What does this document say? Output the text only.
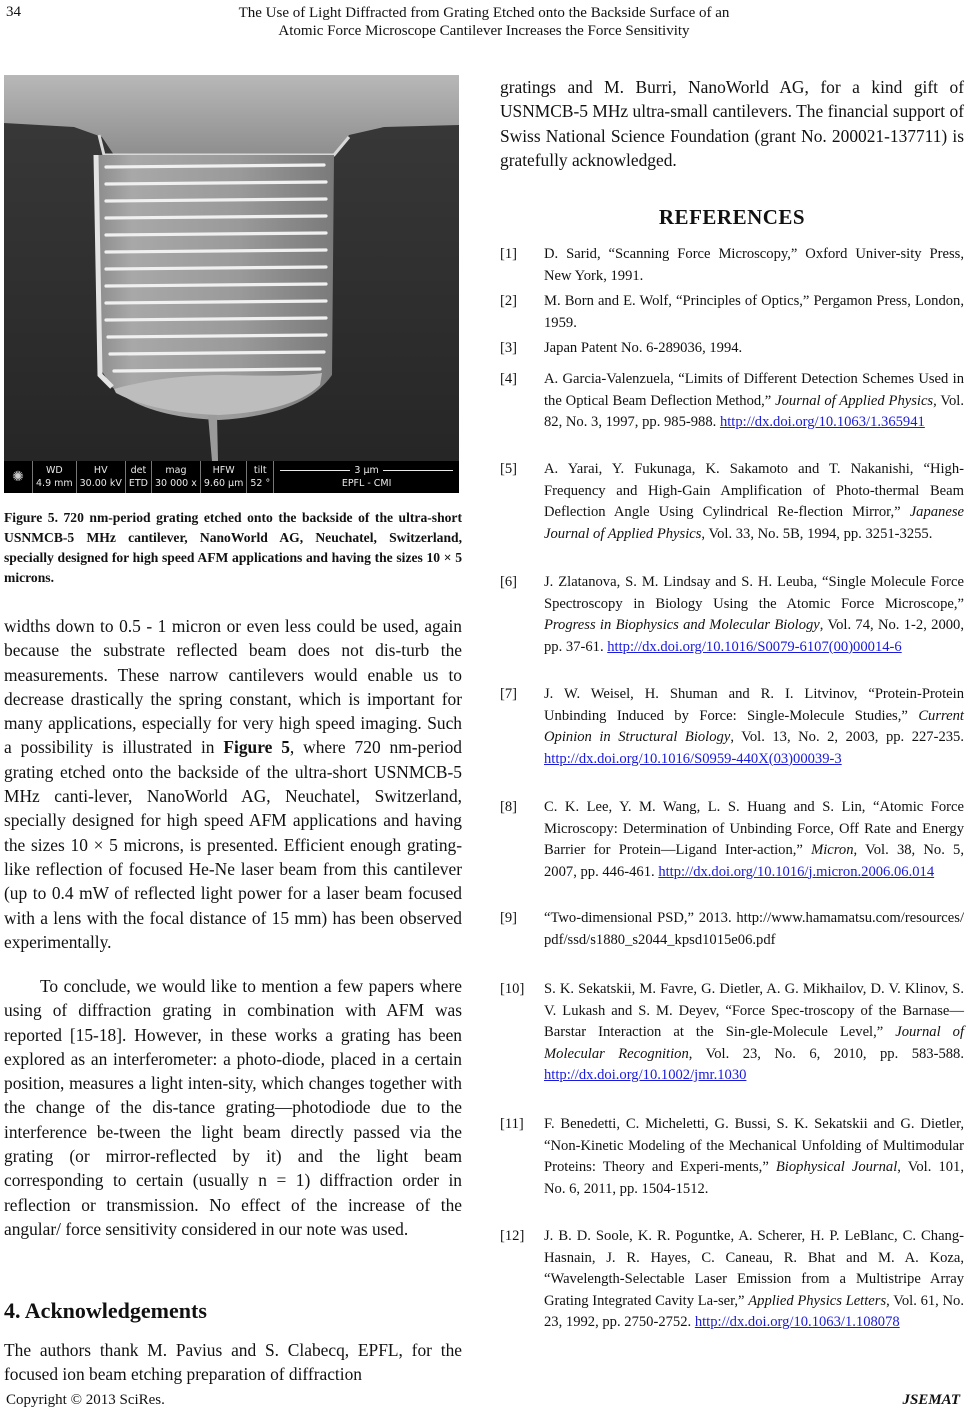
34	The Use of Light Diffracted from Grating Etched onto the Backside Surface of an
Atomic Force Microscope Cantilever Increases the Force Sensitivity
✺	WD
4.9 mm
HV
30.00 kV
det
ETD
mag
30 000 x
HFW
9.60 µm
tilt
52 °
3 µm
EPFL - CMI
Figure 5. 720 nm-period grating etched onto the backside of the ultra-short USNMCB-5 MHz cantilever, NanoWorld AG, Neuchatel, Switzerland, specially designed for high speed AFM applications and having the sizes 10 × 5 microns.
widths down to 0.5 - 1 micron or even less could be used, again because the substrate reflected beam does not dis-turb the measurements. These narrow cantilevers would enable us to decrease drastically the spring constant, which is important for many applications, especially for very high speed imaging. Such a possibility is illustrated in Figure 5, where 720 nm-period grating etched onto the backside of the ultra-short USNMCB-5 MHz canti-lever, NanoWorld AG, Neuchatel, Switzerland, specially designed for high speed AFM applications and having the sizes 10 × 5 microns, is presented. Efficient enough grating-like reflection of focused He-Ne laser beam from this cantilever (up to 0.4 mW of reflected light power for a laser beam focused with a lens with the focal distance of 15 mm) has been observed experimentally.
To conclude, we would like to mention a few papers where using of diffraction grating in combination with AFM was reported [15-18]. However, in these works a grating has been explored as an interferometer: a photo-diode, placed in a certain position, measures a light inten-sity, which changes together with the change of the dis-tance grating—photodiode due to the interference be-tween the light beam directly passed via the grating (or mirror-reflected by it) and the light beam corresponding to certain (usually n = 1) diffraction order in reflection or transmission. No effect of the increase of the angular/ force sensitivity considered in our note was used.
4. Acknowledgements
The authors thank M. Pavius and S. Clabecq, EPFL, for the focused ion beam etching preparation of diffraction
gratings and M. Burri, NanoWorld AG, for a kind gift of USNMCB-5 MHz ultra-small cantilevers. The financial support of Swiss National Science Foundation (grant No. 200021-137711) is gratefully acknowledged.
REFERENCES
[1] D. Sarid, “Scanning Force Microscopy,” Oxford Univer-sity Press, New York, 1991.
[2] M. Born and E. Wolf, “Principles of Optics,” Pergamon Press, London, 1959.
[3] Japan Patent No. 6-289036, 1994.
[4] A. Garcia-Valenzuela, “Limits of Different Detection Schemes Used in the Optical Beam Deflection Method,” Journal of Applied Physics, Vol. 82, No. 3, 1997, pp. 985-988. http://dx.doi.org/10.1063/1.365941
[5] A. Yarai, Y. Fukunaga, K. Sakamoto and T. Nakanishi, “High-Frequency and High-Gain Amplification of Photo-thermal Beam Deflection Angle Using Cylindrical Re-flection Mirror,” Japanese Journal of Applied Physics, Vol. 33, No. 5B, 1994, pp. 3251-3255.
[6] J. Zlatanova, S. M. Lindsay and S. H. Leuba, “Single Molecule Force Spectroscopy in Biology Using the Atomic Force Microscope,” Progress in Biophysics and Molecular Biology, Vol. 74, No. 1-2, 2000, pp. 37-61. http://dx.doi.org/10.1016/S0079-6107(00)00014-6
[7] J. W. Weisel, H. Shuman and R. I. Litvinov, “Protein-Protein Unbinding Induced by Force: Single-Molecule Studies,” Current Opinion in Structural Biology, Vol. 13, No. 2, 2003, pp. 227-235. http://dx.doi.org/10.1016/S0959-440X(03)00039-3
[8] C. K. Lee, Y. M. Wang, L. S. Huang and S. Lin, “Atomic Force Microscopy: Determination of Unbinding Force, Off Rate and Energy Barrier for Protein—Ligand Inter-action,” Micron, Vol. 38, No. 5, 2007, pp. 446-461. http://dx.doi.org/10.1016/j.micron.2006.06.014
[9] “Two-dimensional PSD,” 2013. http://www.hamamatsu.com/resources/pdf/ssd/s1880_s2044_kpsd1015e06.pdf
[10] S. K. Sekatskii, M. Favre, G. Dietler, A. G. Mikhailov, D. V. Klinov, S. V. Lukash and S. M. Deyev, “Force Spec-troscopy of the Barnase—Barstar Interaction at the Sin-gle-Molecule Level,” Journal of Molecular Recognition, Vol. 23, No. 6, 2010, pp. 583-588. http://dx.doi.org/10.1002/jmr.1030
[11] F. Benedetti, C. Micheletti, G. Bussi, S. K. Sekatskii and G. Dietler, “Non-Kinetic Modeling of the Mechanical Unfolding of Multimodular Proteins: Theory and Experi-ments,” Biophysical Journal, Vol. 101, No. 6, 2011, pp. 1504-1512.
[12] J. B. D. Soole, K. R. Poguntke, A. Scherer, H. P. LeBlanc, C. Chang-Hasnain, J. R. Hayes, C. Caneau, R. Bhat and M. A. Koza, “Wavelength-Selectable Laser Emission from a Multistripe Array Grating Integrated Cavity La-ser,” Applied Physics Letters, Vol. 61, No. 23, 1992, pp. 2750-2752. http://dx.doi.org/10.1063/1.108078
Copyright © 2013 SciRes.	JSEMAT
